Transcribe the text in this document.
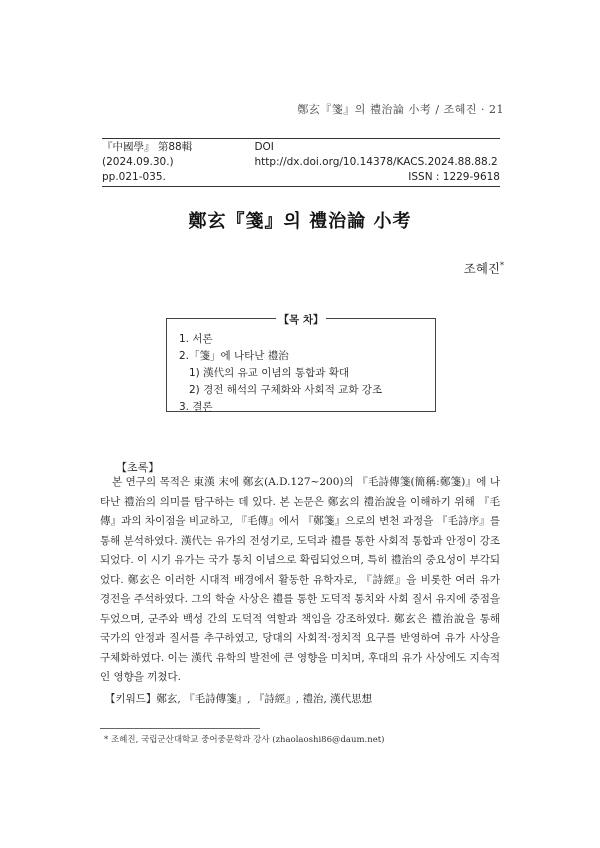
鄭玄『箋』의 禮治論 小考 / 조혜진 · 21
『中國學』 第88輯 (2024.09.30.)
DOI http://dx.doi.org/10.14378/KACS.2024.88.88.2
pp.021-035.	ISSN : 1229-9618
鄭玄『箋』의 禮治論 小考
조혜진*
【목 차】
1. 서론
2.「箋」에 나타난 禮治
1) 漢代의 유교 이념의 통합과 확대
2) 경전 해석의 구체화와 사회적 교화 강조
3. 결론
【초록】
본 연구의 목적은 東漢 末에 鄭玄(A.D.127~200)의 『毛詩傳箋(簡稱:鄭箋)』에 나타난 禮治의 의미를 탐구하는 데 있다. 본 논문은 鄭玄의 禮治說을 이해하기 위해 『毛傳』과의 차이점을 비교하고, 『毛傳』에서 『鄭箋』으로의 변천 과정을 『毛詩序』를 통해 분석하였다. 漢代는 유가의 전성기로, 도덕과 禮를 통한 사회적 통합과 안정이 강조되었다. 이 시기 유가는 국가 통치 이념으로 확립되었으며, 특히 禮治의 중요성이 부각되었다. 鄭玄은 이러한 시대적 배경에서 활동한 유학자로, 『詩經』을 비롯한 여러 유가 경전을 주석하였다. 그의 학술 사상은 禮를 통한 도덕적 통치와 사회 질서 유지에 중점을 두었으며, 군주와 백성 간의 도덕적 역할과 책임을 강조하였다. 鄭玄은 禮治說을 통해 국가의 안정과 질서를 추구하였고, 당대의 사회적·정치적 요구를 반영하여 유가 사상을 구체화하였다. 이는 漢代 유학의 발전에 큰 영향을 미치며, 후대의 유가 사상에도 지속적인 영향을 끼쳤다.
【키워드】鄭玄, 『毛詩傳箋』, 『詩經』, 禮治, 漢代思想
* 조혜진, 국립군산대학교 중어중문학과 강사 (zhaolaoshi86@daum.net)
